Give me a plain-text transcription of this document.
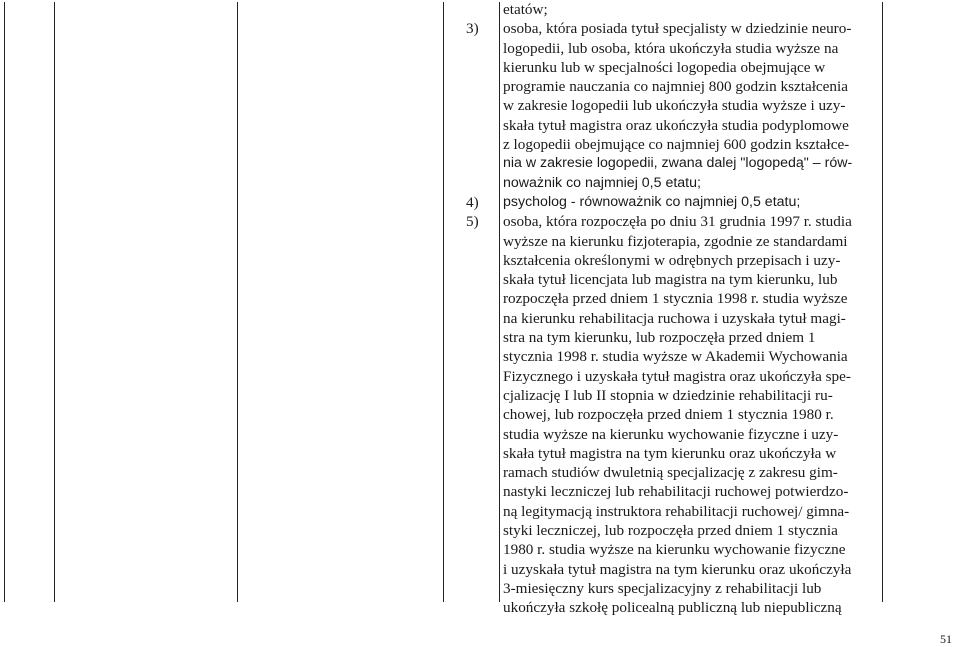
etatów;
3)	osoba, która posiada tytuł specjalisty w dziedzinie neuro-
logopedii, lub osoba, która ukończyła studia wyższe na
kierunku lub w specjalności logopedia obejmujące w
programie nauczania co najmniej 800 godzin kształcenia
w zakresie logopedii lub ukończyła studia wyższe i uzy-
skała tytuł magistra oraz ukończyła studia podyplomowe
z logopedii obejmujące co najmniej 600 godzin kształce-
nia w zakresie logopedii, zwana dalej "logopedą" – rów-
noważnik co najmniej 0,5 etatu;
4)	psycholog - równoważnik co najmniej 0,5 etatu;
5)	osoba, która rozpoczęła po dniu 31 grudnia 1997 r. studia
wyższe na kierunku fizjoterapia, zgodnie ze standardami
kształcenia określonymi w odrębnych przepisach i uzy-
skała tytuł licencjata lub magistra na tym kierunku, lub
rozpoczęła przed dniem 1 stycznia 1998 r. studia wyższe
na kierunku rehabilitacja ruchowa i uzyskała tytuł magi-
stra na tym kierunku, lub rozpoczęła przed dniem 1
stycznia 1998 r. studia wyższe w Akademii Wychowania
Fizycznego i uzyskała tytuł magistra oraz ukończyła spe-
cjalizację I lub II stopnia w dziedzinie rehabilitacji ru-
chowej, lub rozpoczęła przed dniem 1 stycznia 1980 r.
studia wyższe na kierunku wychowanie fizyczne i uzy-
skała tytuł magistra na tym kierunku oraz ukończyła w
ramach studiów dwuletnią specjalizację z zakresu gim-
nastyki leczniczej lub rehabilitacji ruchowej potwierdzo-
ną legitymacją instruktora rehabilitacji ruchowej/ gimna-
styki leczniczej, lub rozpoczęła przed dniem 1 stycznia
1980 r. studia wyższe na kierunku wychowanie fizyczne
i uzyskała tytuł magistra na tym kierunku oraz ukończyła
3-miesięczny kurs specjalizacyjny z rehabilitacji lub
ukończyła szkołę policealną publiczną lub niepubliczną
51
